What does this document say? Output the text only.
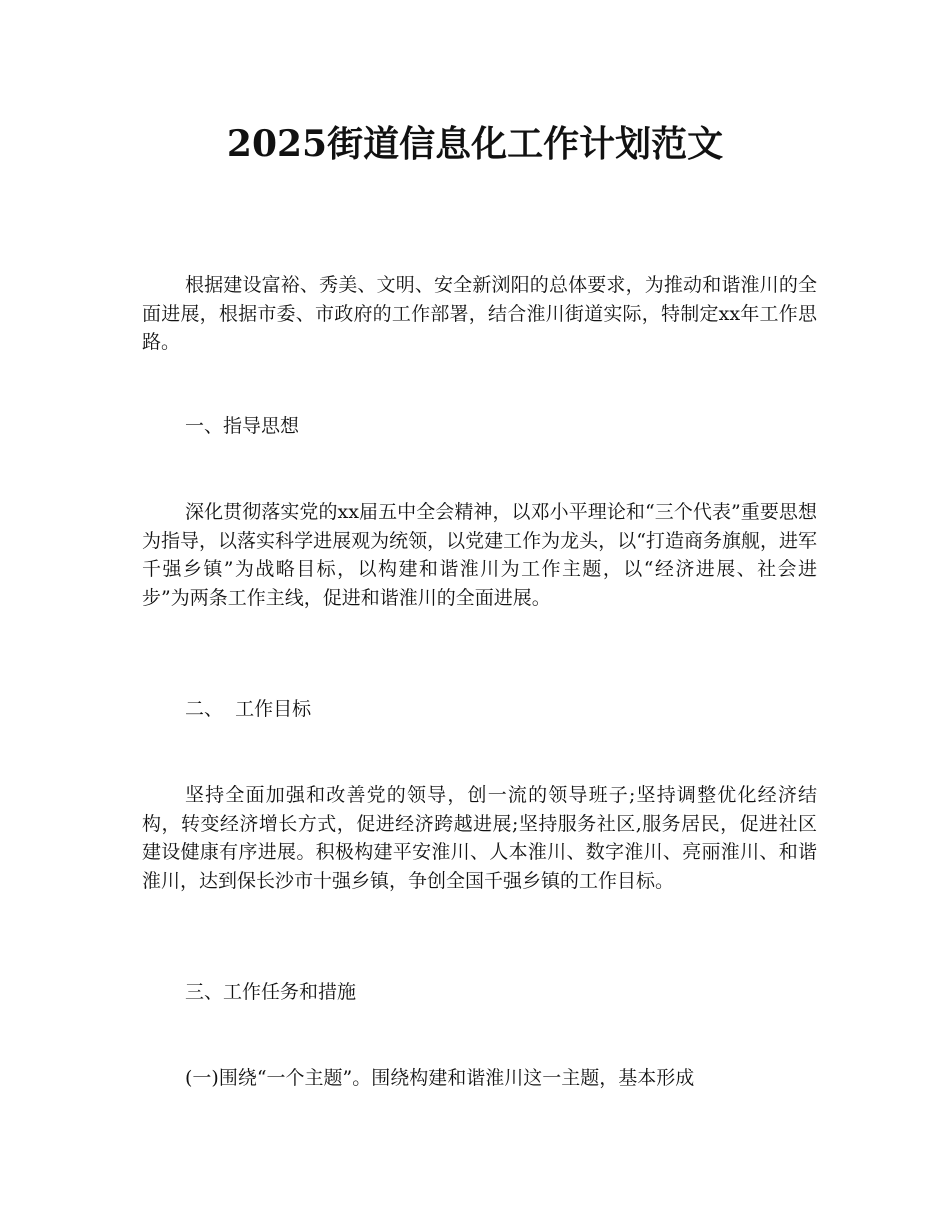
2025街道信息化工作计划范文

根据建设富裕、秀美、文明、安全新浏阳的总体要求，为推动和谐淮川的全面进展，根据市委、市政府的工作部署，结合淮川街道实际，特制定xx年工作思路。

一、指导思想

深化贯彻落实党的xx届五中全会精神，以邓小平理论和“三个代表”重要思想为指导，以落实科学进展观为统领，以党建工作为龙头，以“打造商务旗舰，进军千强乡镇”为战略目标，以构建和谐淮川为工作主题，以“经济进展、社会进步”为两条工作主线，促进和谐淮川的全面进展。

二、  工作目标

坚持全面加强和改善党的领导，创一流的领导班子;坚持调整优化经济结构，转变经济增长方式，促进经济跨越进展;坚持服务社区,服务居民，促进社区建设健康有序进展。积极构建平安淮川、人本淮川、数字淮川、亮丽淮川、和谐淮川，达到保长沙市十强乡镇，争创全国千强乡镇的工作目标。

三、工作任务和措施

(一)围绕“一个主题”。围绕构建和谐淮川这一主题，基本形成
